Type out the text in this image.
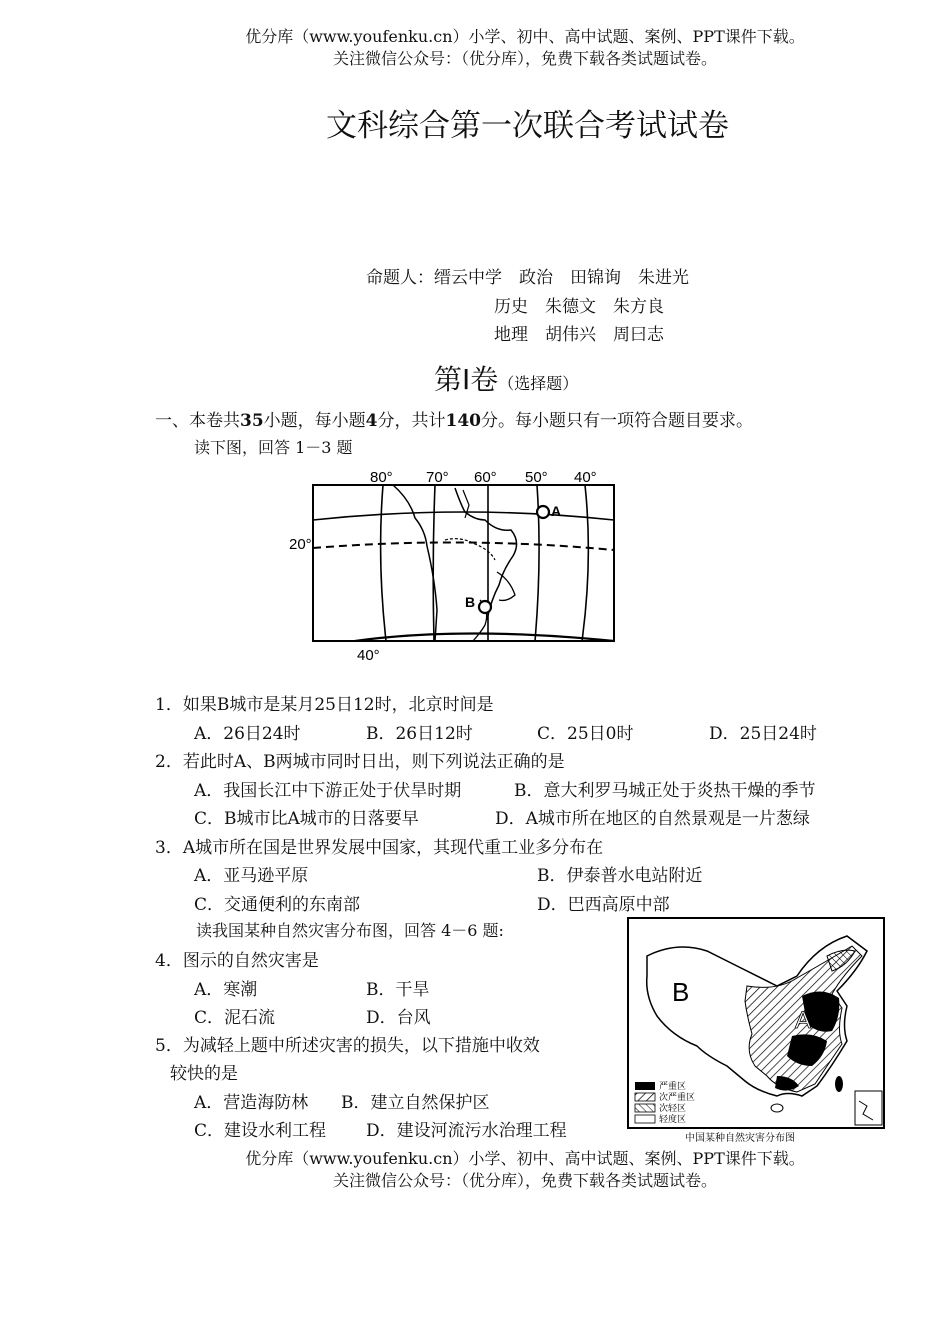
优分库（www.youfenku.cn）小学、初中、高中试题、案例、PPT课件下载。
关注微信公众号：（优分库），免费下载各类试题试卷。
文科综合第一次联合考试试卷
命题人：缙云中学　 政治　 田锦询　朱进光
历史　 朱德文　朱方良
地理　 胡伟兴　周曰志
第Ⅰ卷（选择题）
一、本卷共35小题，每小题4分，共计140分。每小题只有一项符合题目要求。
读下图，回答 1－3 题
80° 70° 60° 50° 40°
20°
40°
A
B
1．如果B城市是某月25日12时，北京时间是
A．26日24时	B．26日12时	C．25日0时	D．25日24时
2．若此时A、B两城市同时日出，则下列说法正确的是
A．我国长江中下游正处于伏旱时期	B．意大利罗马城正处于炎热干燥的季节
C．B城市比A城市的日落要早	D．A城市所在地区的自然景观是一片葱绿
3．A城市所在国是世界发展中国家，其现代重工业多分布在
A．亚马逊平原	B．伊泰普水电站附近
C．交通便利的东南部	D．巴西高原中部
读我国某种自然灾害分布图，回答 4－6 题:
4．图示的自然灾害是
A．寒潮	B．干旱
C．泥石流	D．台风
5．为减轻上题中所述灾害的损失，以下措施中收效
较快的是
A．营造海防林 B．建立自然保护区
C．建设水利工程 D．建设河流污水治理工程
B
A
严重区
次严重区
次轻区
轻度区
中国某种自然灾害分布图
优分库（www.youfenku.cn）小学、初中、高中试题、案例、PPT课件下载。
关注微信公众号：（优分库），免费下载各类试题试卷。
